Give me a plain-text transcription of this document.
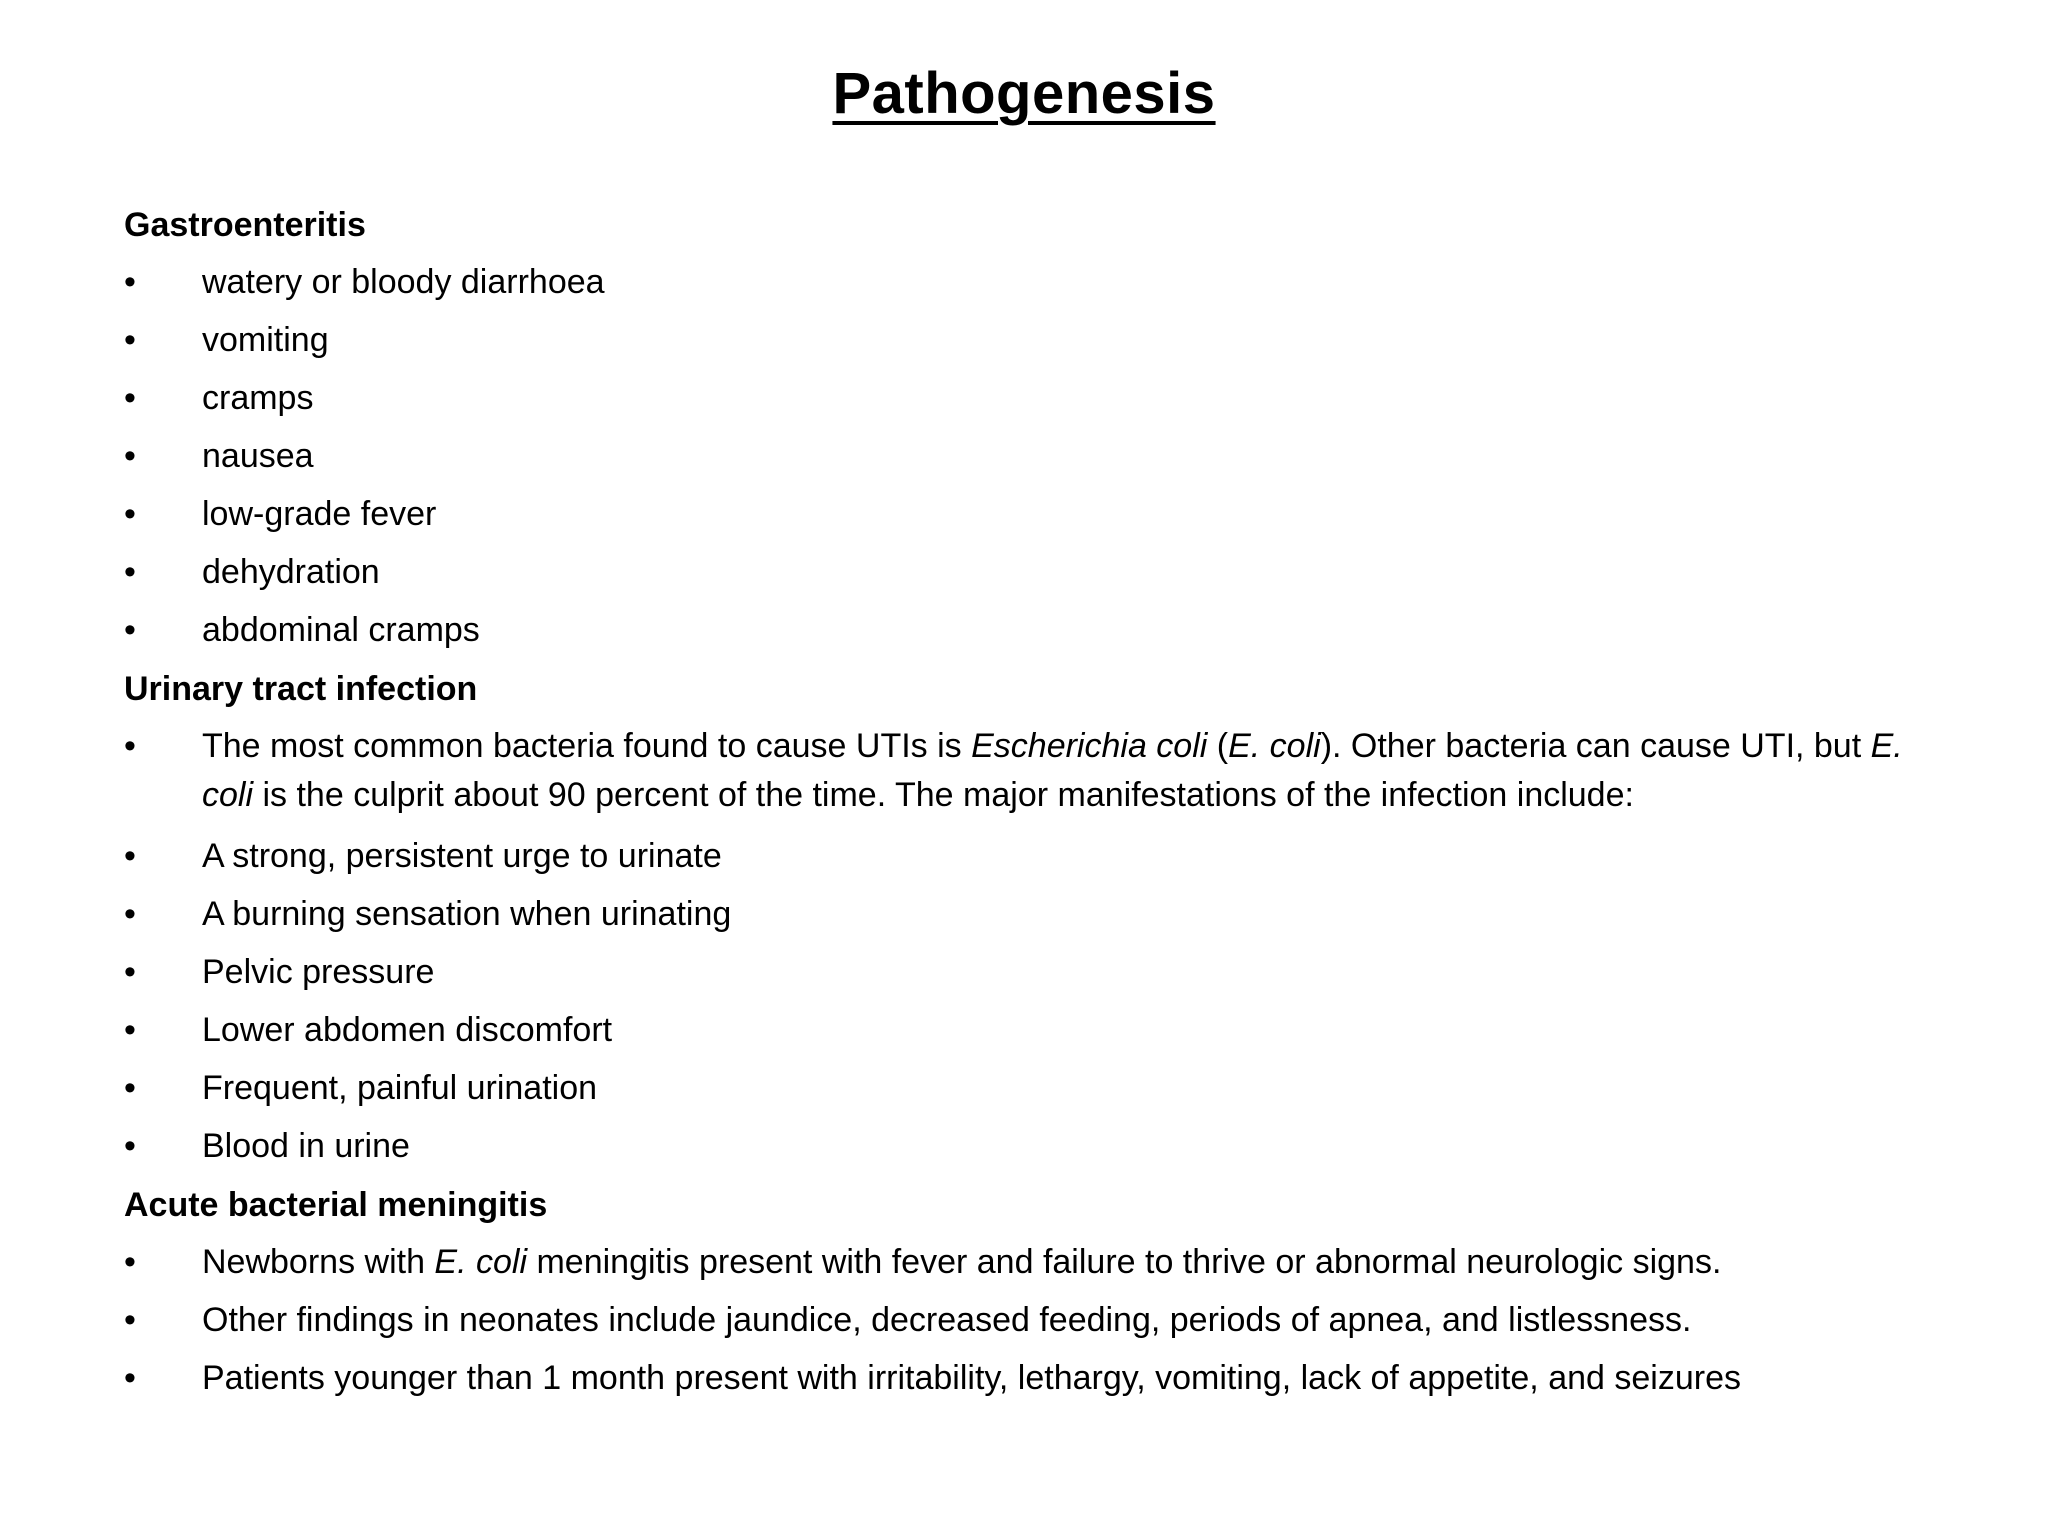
Pathogenesis
Gastroenteritis
•	watery or bloody diarrhoea
•	vomiting
•	cramps
•	nausea
•	low-grade fever
•	dehydration
•	abdominal cramps
Urinary tract infection
•	The most common bacteria found to cause UTIs is Escherichia coli (E. coli). Other bacteria can cause UTI, but E. coli is the culprit about 90 percent of the time. The major manifestations of the infection include:
•	A strong, persistent urge to urinate
•	A burning sensation when urinating
•	Pelvic pressure
•	Lower abdomen discomfort
•	Frequent, painful urination
•	Blood in urine
Acute bacterial meningitis
•	Newborns with E. coli meningitis present with fever and failure to thrive or abnormal neurologic signs.
•	Other findings in neonates include jaundice, decreased feeding, periods of apnea, and listlessness.
•	Patients younger than 1 month present with irritability, lethargy, vomiting, lack of appetite, and seizures
